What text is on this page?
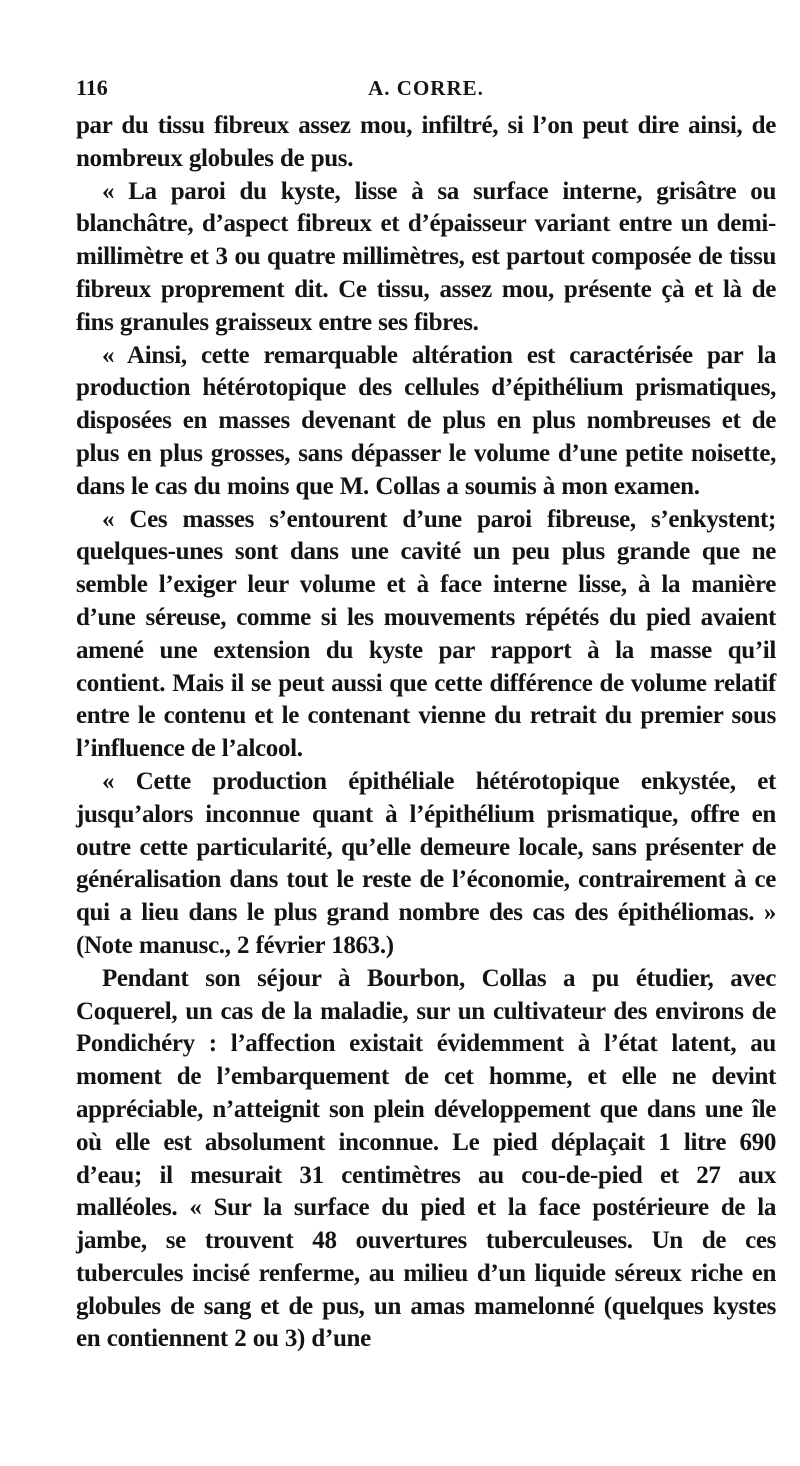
116	A. CORRE.

par du tissu fibreux assez mou, infiltré, si l’on peut dire ainsi, de nombreux globules de pus.

« La paroi du kyste, lisse à sa surface interne, grisâtre ou blanchâtre, d’aspect fibreux et d’épaisseur variant entre un demi-millimètre et 3 ou quatre millimètres, est partout composée de tissu fibreux proprement dit. Ce tissu, assez mou, présente çà et là de fins granules graisseux entre ses fibres.

« Ainsi, cette remarquable altération est caractérisée par la production hétérotopique des cellules d’épithélium prismatiques, disposées en masses devenant de plus en plus nombreuses et de plus en plus grosses, sans dépasser le volume d’une petite noisette, dans le cas du moins que M. Collas a soumis à mon examen.

« Ces masses s’entourent d’une paroi fibreuse, s’enkystent; quelques-unes sont dans une cavité un peu plus grande que ne semble l’exiger leur volume et à face interne lisse, à la manière d’une séreuse, comme si les mouvements répétés du pied avaient amené une extension du kyste par rapport à la masse qu’il contient. Mais il se peut aussi que cette différence de volume relatif entre le contenu et le contenant vienne du retrait du premier sous l’influence de l’alcool.

« Cette production épithéliale hétérotopique enkystée, et jusqu’alors inconnue quant à l’épithélium prismatique, offre en outre cette particularité, qu’elle demeure locale, sans présenter de généralisation dans tout le reste de l’économie, contrairement à ce qui a lieu dans le plus grand nombre des cas des épithéliomas. » (Note manusc., 2 février 1863.)

Pendant son séjour à Bourbon, Collas a pu étudier, avec Coquerel, un cas de la maladie, sur un cultivateur des environs de Pondichéry : l’affection existait évidemment à l’état latent, au moment de l’embarquement de cet homme, et elle ne devint appréciable, n’atteignit son plein développement que dans une île où elle est absolument inconnue. Le pied déplaçait 1 litre 690 d’eau; il mesurait 31 centimètres au cou-de-pied et 27 aux malléoles. « Sur la surface du pied et la face postérieure de la jambe, se trouvent 48 ouvertures tuberculeuses. Un de ces tubercules incisé renferme, au milieu d’un liquide séreux riche en globules de sang et de pus, un amas mamelonné (quelques kystes en contiennent 2 ou 3) d’une
